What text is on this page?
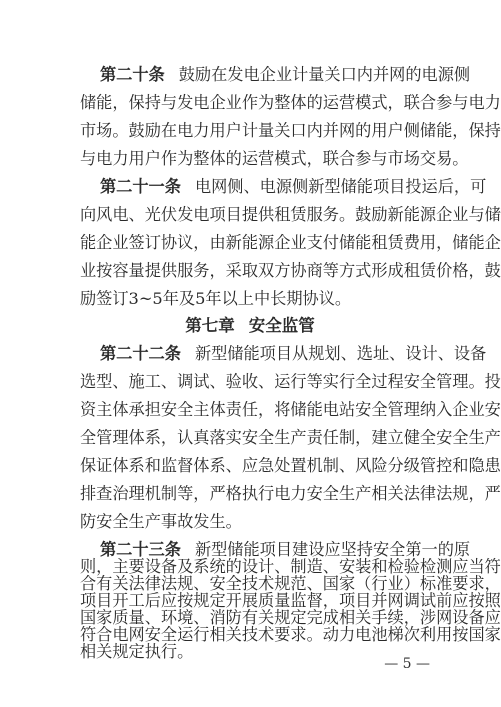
第二十条 鼓励在发电企业计量关口内并网的电源侧
储能，保持与发电企业作为整体的运营模式，联合参与电力
市场。鼓励在电力用户计量关口内并网的用户侧储能，保持
与电力用户作为整体的运营模式，联合参与市场交易。
第二十一条 电网侧、电源侧新型储能项目投运后，可
向风电、光伏发电项目提供租赁服务。鼓励新能源企业与储
能企业签订协议，由新能源企业支付储能租赁费用，储能企
业按容量提供服务，采取双方协商等方式形成租赁价格，鼓
励签订3~5年及5年以上中长期协议。
第七章 安全监管
第二十二条 新型储能项目从规划、选址、设计、设备
选型、施工、调试、验收、运行等实行全过程安全管理。投
资主体承担安全主体责任，将储能电站安全管理纳入企业安
全管理体系，认真落实安全生产责任制，建立健全安全生产
保证体系和监督体系、应急处置机制、风险分级管控和隐患
排查治理机制等，严格执行电力安全生产相关法律法规，严
防安全生产事故发生。
第二十三条 新型储能项目建设应坚持安全第一的原
则，主要设备及系统的设计、制造、安装和检验检测应当符
合有关法律法规、安全技术规范、国家（行业）标准要求，
项目开工后应按规定开展质量监督，项目并网调试前应按照
— 5 —
国家质量、环境、消防有关规定完成相关手续，涉网设备应
符合电网安全运行相关技术要求。动力电池梯次利用按国家
相关规定执行。
